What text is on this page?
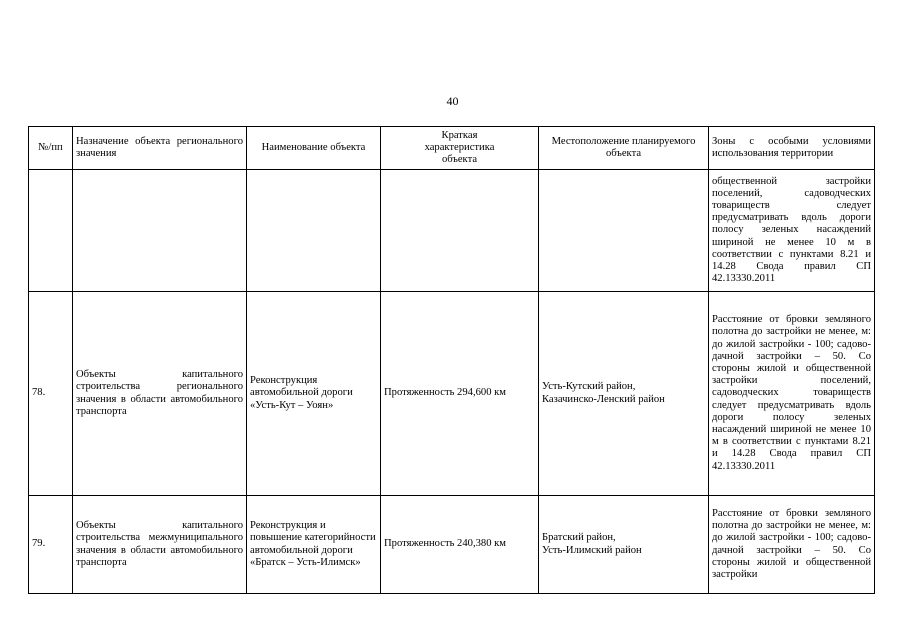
40
№/пп	Назначение объекта регионального значения	Наименование объекта	Краткая характеристика объекта	Местоположение планируемого объекта	Зоны с особыми условиями использования территории
					общественной застройки поселений, садоводческих товариществ следует предусматривать вдоль дороги полосу зеленых насаждений шириной не менее 10 м в соответствии с пунктами 8.21 и 14.28 Свода правил СП 42.13330.2011
78.	Объекты капитального строительства регионального значения в области автомобильного транспорта	Реконструкция автомобильной дороги «Усть-Кут – Уоян»	Протяженность 294,600 км	Усть-Кутский район,
Казачинско-Ленский район	Расстояние от бровки земляного полотна до застройки не менее, м: до жилой застройки - 100; садово-дачной застройки – 50. Со стороны жилой и общественной застройки поселений, садоводческих товариществ следует предусматривать вдоль дороги полосу зеленых насаждений шириной не менее 10 м в соответствии с пунктами 8.21 и 14.28 Свода правил СП 42.13330.2011
79.	Объекты капитального строительства межмуниципального значения в области автомобильного транспорта	Реконструкция и повышение категорийности автомобильной дороги «Братск – Усть-Илимск»	Протяженность 240,380 км	Братский район,
Усть-Илимский район	Расстояние от бровки земляного полотна до застройки не менее, м: до жилой застройки - 100; садово-дачной застройки – 50. Со стороны жилой и общественной застройки
